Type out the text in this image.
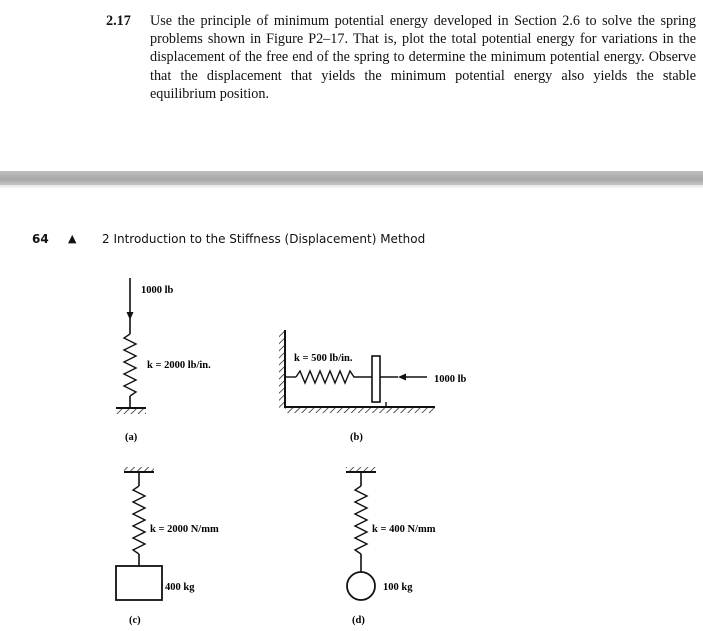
2.17 Use the principle of minimum potential energy developed in Section 2.6 to solve the spring problems shown in Figure P2–17. That is, plot the total potential energy for variations in the displacement of the free end of the spring to determine the minimum potential energy. Observe that the displacement that yields the minimum potential energy also yields the stable equilibrium position.
64 ▲ 2 Introduction to the Stiffness (Displacement) Method
1000 lb
k = 2000 lb/in.
(a)
k = 500 lb/in.
1000 lb
(b)
k = 2000 N/mm
400 kg
(c)
k = 400 N/mm
100 kg
(d)
